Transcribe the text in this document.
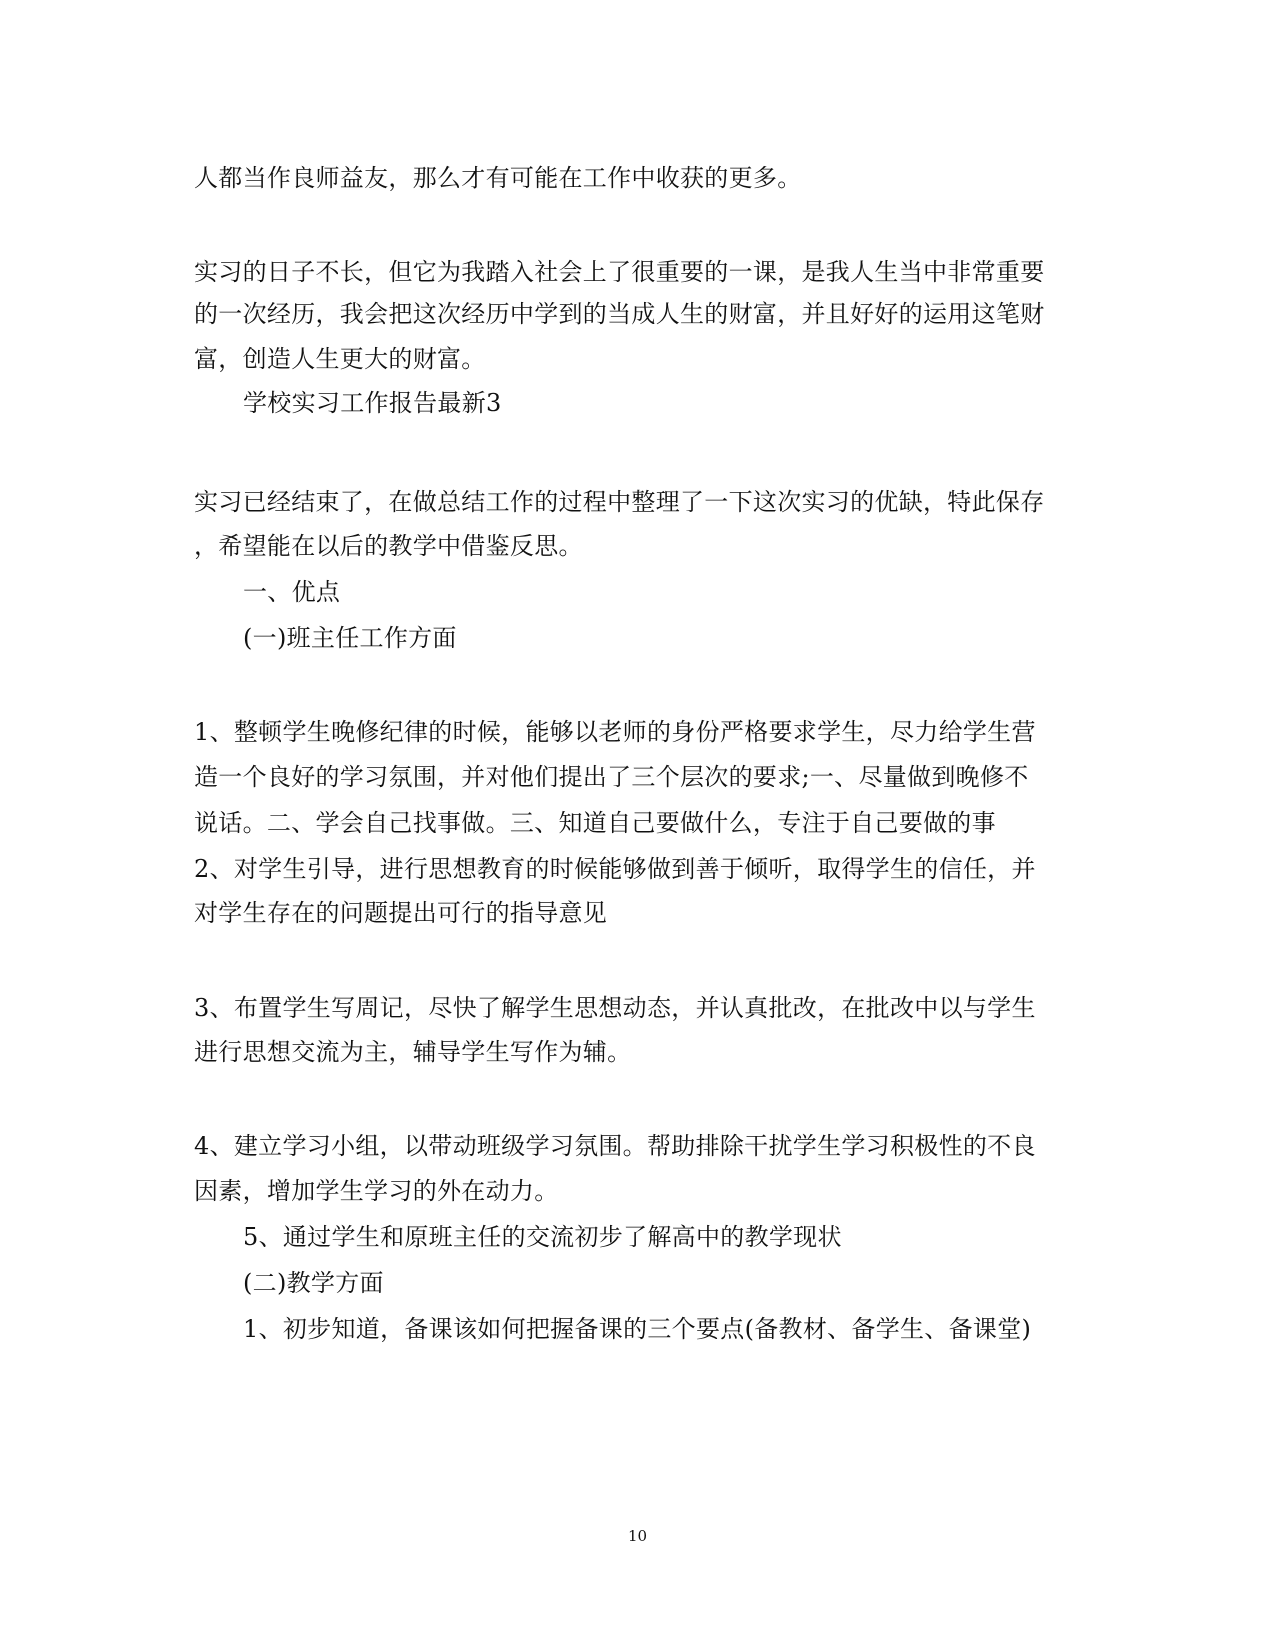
人都当作良师益友，那么才有可能在工作中收获的更多。
实习的日子不长，但它为我踏入社会上了很重要的一课，是我人生当中非常重要
的一次经历，我会把这次经历中学到的当成人生的财富，并且好好的运用这笔财
富，创造人生更大的财富。
学校实习工作报告最新3
实习已经结束了，在做总结工作的过程中整理了一下这次实习的优缺，特此保存
，希望能在以后的教学中借鉴反思。
一、优点
(一)班主任工作方面
1、整顿学生晚修纪律的时候，能够以老师的身份严格要求学生，尽力给学生营
造一个良好的学习氛围，并对他们提出了三个层次的要求;一、尽量做到晚修不
说话。二、学会自己找事做。三、知道自己要做什么，专注于自己要做的事
2、对学生引导，进行思想教育的时候能够做到善于倾听，取得学生的信任，并
对学生存在的问题提出可行的指导意见
3、布置学生写周记，尽快了解学生思想动态，并认真批改，在批改中以与学生
进行思想交流为主，辅导学生写作为辅。
4、建立学习小组，以带动班级学习氛围。帮助排除干扰学生学习积极性的不良
因素，增加学生学习的外在动力。
5、通过学生和原班主任的交流初步了解高中的教学现状
(二)教学方面
1、初步知道，备课该如何把握备课的三个要点(备教材、备学生、备课堂)
10
